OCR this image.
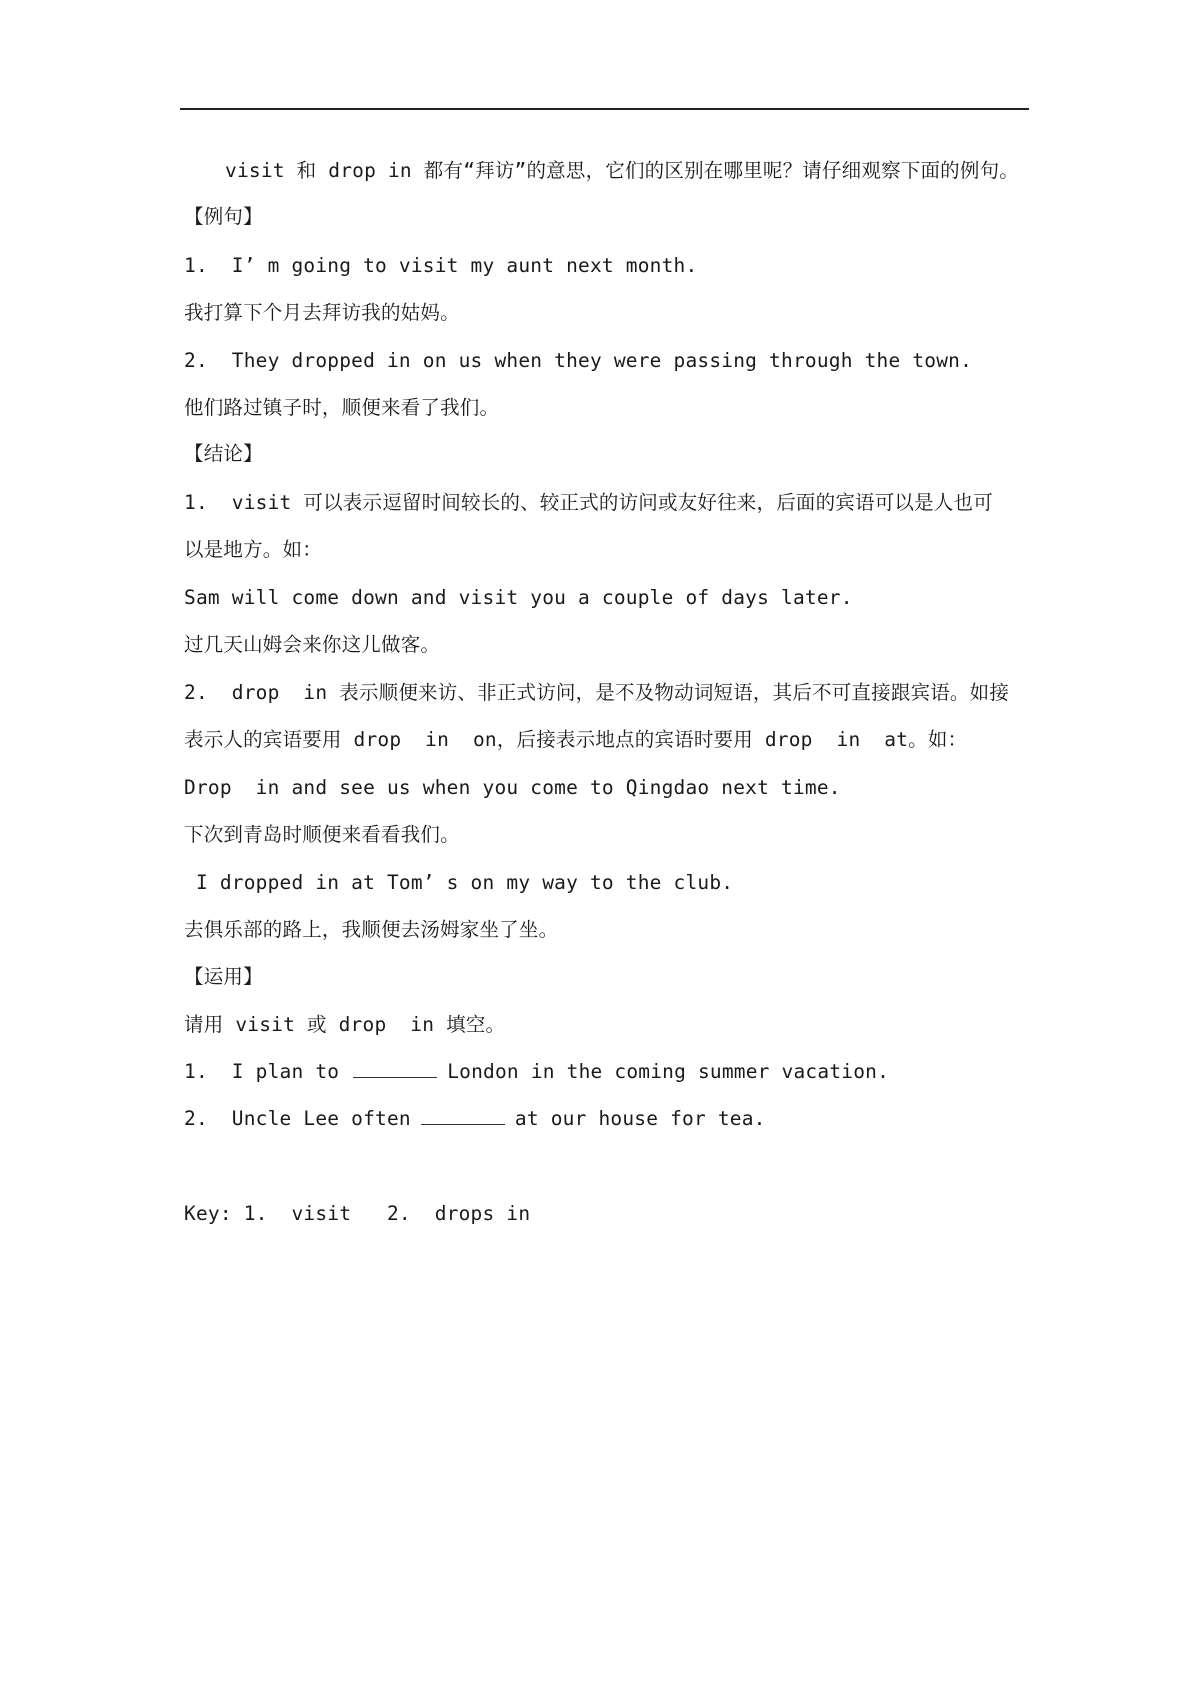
visit 和 drop in 都有“拜访”的意思，它们的区别在哪里呢？请仔细观察下面的例句。
【例句】
1.  I’ m going to visit my aunt next month.
我打算下个月去拜访我的姑妈。
2.  They dropped in on us when they were passing through the town.
他们路过镇子时，顺便来看了我们。
【结论】
1.  visit 可以表示逗留时间较长的、较正式的访问或友好往来，后面的宾语可以是人也可
以是地方。如：
Sam will come down and visit you a couple of days later.
过几天山姆会来你这儿做客。
2.  drop  in 表示顺便来访、非正式访问，是不及物动词短语，其后不可直接跟宾语。如接
表示人的宾语要用 drop  in  on，后接表示地点的宾语时要用 drop  in  at。如：
Drop  in and see us when you come to Qingdao next time.
下次到青岛时顺便来看看我们。
I dropped in at Tom’ s on my way to the club.
去俱乐部的路上，我顺便去汤姆家坐了坐。
【运用】
请用 visit 或 drop  in 填空。
1.  I plan to	London in the coming summer vacation.
2.  Uncle Lee often	at our house for tea.
Key: 1.  visit   2.  drops in
